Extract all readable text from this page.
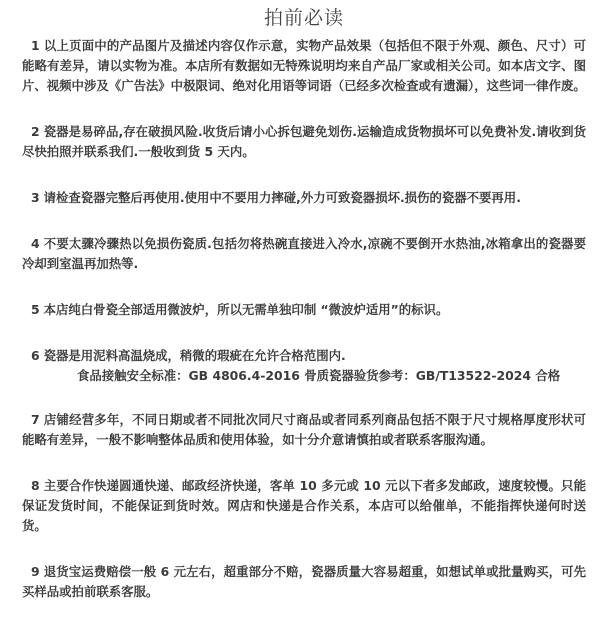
拍前必读

1 以上页面中的产品图片及描述内容仅作示意，实物产品效果（包括但不限于外观、颜色、尺寸）可能略有差异，请以实物为准。本店所有数据如无特殊说明均来自产品厂家或相关公司。如本店文字、图片、视频中涉及《广告法》中极限词、绝对化用语等词语（已经多次检查或有遗漏），这些词一律作废。

2 瓷器是易碎品,存在破损风险.收货后请小心拆包避免划伤.运输造成货物损坏可以免费补发.请收到货尽快拍照并联系我们.一般收到货 5 天内。

3 请检查瓷器完整后再使用.使用中不要用力摔碰,外力可致瓷器损坏.损伤的瓷器不要再用.

4 不要太骤冷骤热以免损伤瓷质.包括勿将热碗直接进入冷水,凉碗不要倒开水热油,冰箱拿出的瓷器要冷却到室温再加热等.

5 本店纯白骨瓷全部适用微波炉，所以无需单独印制 “微波炉适用”的标识。

6 瓷器是用泥料高温烧成，稍微的瑕疵在允许合格范围内.

食品接触安全标准：GB 4806.4-2016 骨质瓷器验货参考：GB/T13522-2024 合格

7 店铺经营多年，不同日期或者不同批次同尺寸商品或者同系列商品包括不限于尺寸规格厚度形状可能略有差异，一般不影响整体品质和使用体验，如十分介意请慎拍或者联系客服沟通。

8 主要合作快递圆通快递、邮政经济快递，客单 10 多元或 10 元以下者多发邮政，速度较慢。只能保证发货时间，不能保证到货时效。网店和快递是合作关系，本店可以给催单，不能指挥快递何时送货。

9 退货宝运费赔偿一般 6 元左右，超重部分不赔，瓷器质量大容易超重，如想试单或批量购买，可先买样品或拍前联系客服。
